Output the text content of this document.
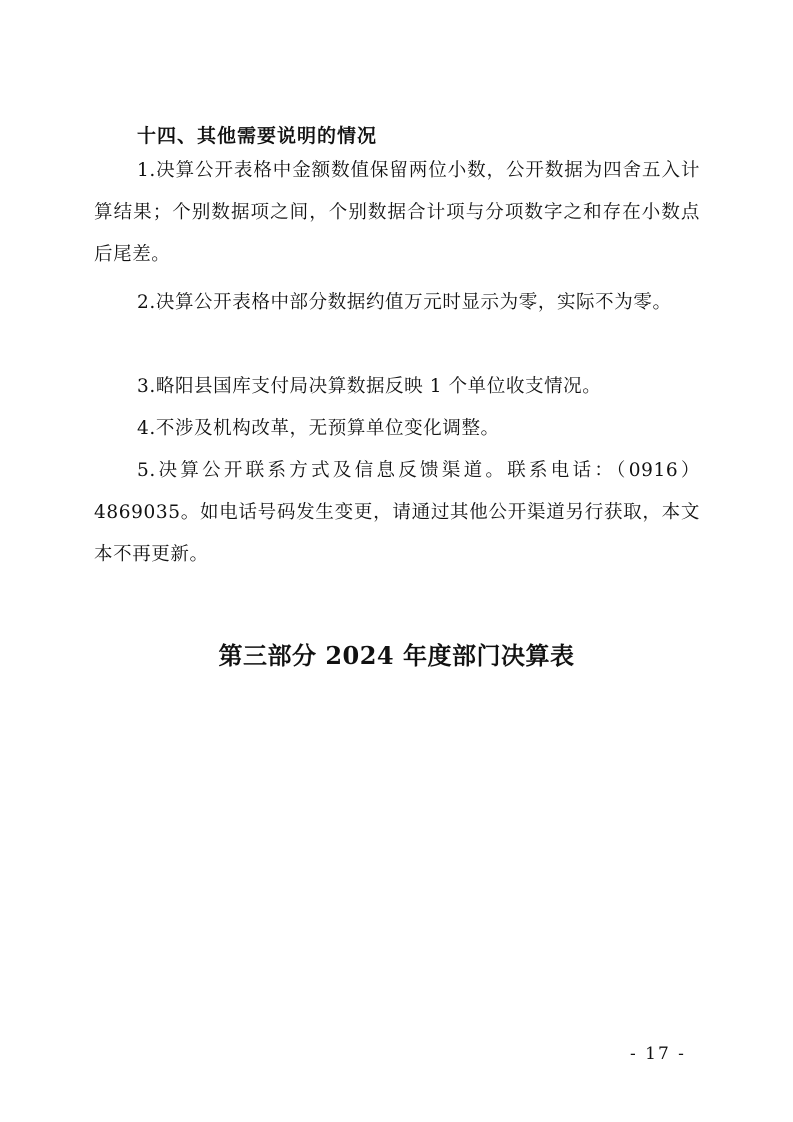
十四、其他需要说明的情况

1.决算公开表格中金额数值保留两位小数，公开数据为四舍五入计算结果；个别数据项之间，个别数据合计项与分项数字之和存在小数点后尾差。

2.决算公开表格中部分数据约值万元时显示为零，实际不为零。

3.略阳县国库支付局决算数据反映 1 个单位收支情况。

4.不涉及机构改革，无预算单位变化调整。

5.决算公开联系方式及信息反馈渠道。联系电话：（0916）4869035。如电话号码发生变更，请通过其他公开渠道另行获取，本文本不再更新。

第三部分 2024 年度部门决算表
- 17 -
